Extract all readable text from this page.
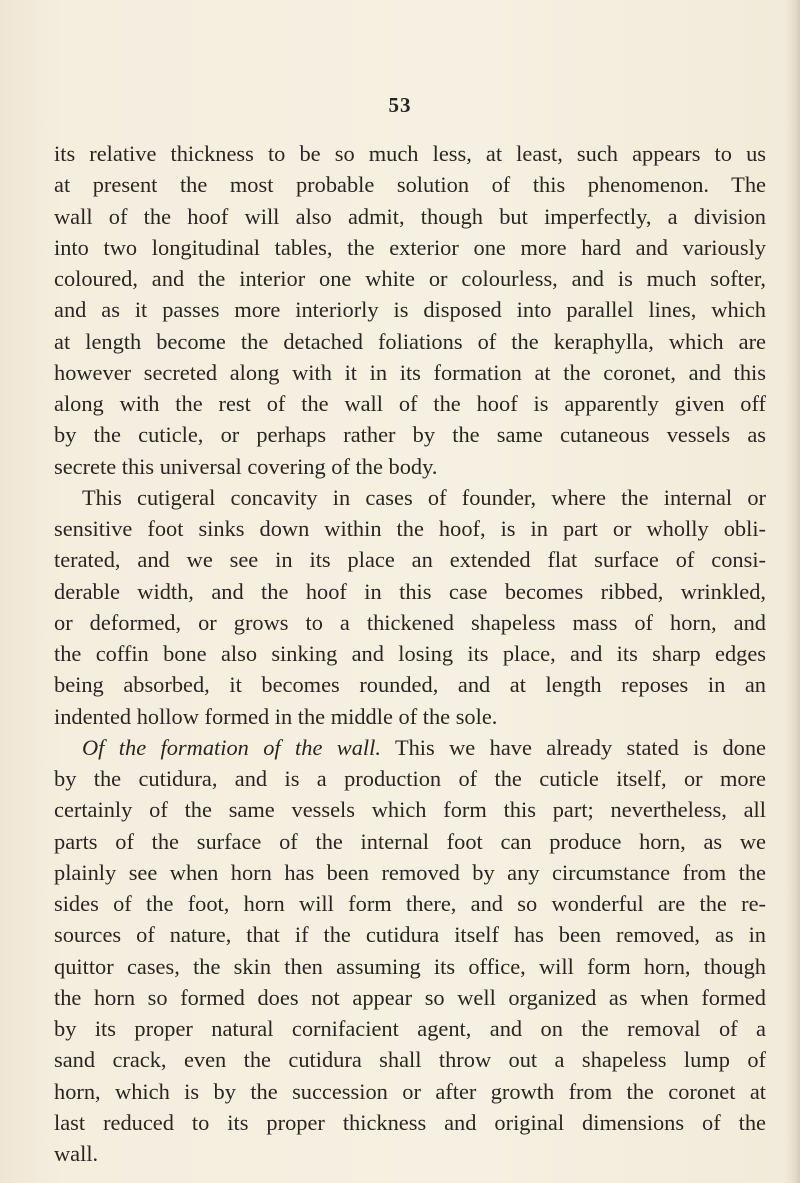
53
its relative thickness to be so much less, at least, such appears to us
at present the most probable solution of this phenomenon. The
wall of the hoof will also admit, though but imperfectly, a division
into two longitudinal tables, the exterior one more hard and variously
coloured, and the interior one white or colourless, and is much softer,
and as it passes more interiorly is disposed into parallel lines, which
at length become the detached foliations of the keraphylla, which are
however secreted along with it in its formation at the coronet, and this
along with the rest of the wall of the hoof is apparently given off
by the cuticle, or perhaps rather by the same cutaneous vessels as
secrete this universal covering of the body.
This cutigeral concavity in cases of founder, where the internal or
sensitive foot sinks down within the hoof, is in part or wholly obli-
terated, and we see in its place an extended flat surface of consi-
derable width, and the hoof in this case becomes ribbed, wrinkled,
or deformed, or grows to a thickened shapeless mass of horn, and
the coffin bone also sinking and losing its place, and its sharp edges
being absorbed, it becomes rounded, and at length reposes in an
indented hollow formed in the middle of the sole.
Of the formation of the wall. This we have already stated is done
by the cutidura, and is a production of the cuticle itself, or more
certainly of the same vessels which form this part; nevertheless, all
parts of the surface of the internal foot can produce horn, as we
plainly see when horn has been removed by any circumstance from the
sides of the foot, horn will form there, and so wonderful are the re-
sources of nature, that if the cutidura itself has been removed, as in
quittor cases, the skin then assuming its office, will form horn, though
the horn so formed does not appear so well organized as when formed
by its proper natural cornifacient agent, and on the removal of a
sand crack, even the cutidura shall throw out a shapeless lump of
horn, which is by the succession or after growth from the coronet at
last reduced to its proper thickness and original dimensions of the
wall.
